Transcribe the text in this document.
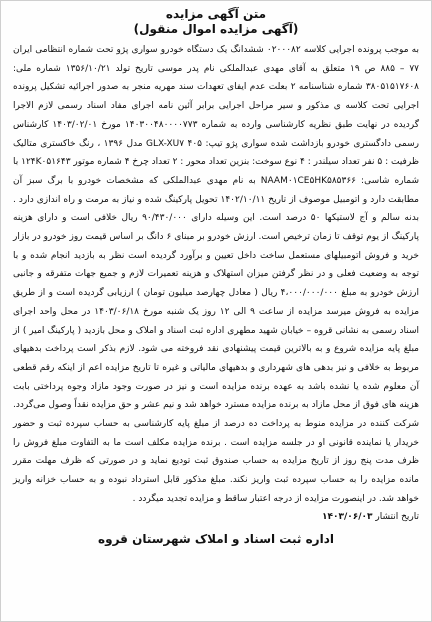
متن آگهی مزایده
(آگهی مزایده اموال منقول)

به موجب پرونده اجرایی کلاسه ۰۲۰۰۰۸۲ ششدانگ یک دستگاه خودرو سواری پژو تحت شماره انتظامی ایران ۷۷ – ۸۸۵ ص ۱۹ متعلق به آقای مهدی عبدالملکی نام پدر موسی تاریخ تولد ۱۳۵۶/۱۰/۲۱ شماره ملی: ۳۸۰۵۱۵۱۷۶۰۸ شماره شناسنامه ۲ بعلت عدم ایفای تعهدات سند مهریه منجر به صدور اجرائیه تشکیل پرونده اجرایی تحت کلاسه ی مذکور و سیر مراحل اجرایی برابر آئین نامه اجرای مفاد اسناد رسمی لازم الاجرا گردیده در نهایت طبق نظریه کارشناسی وارده به شماره ۱۴۰۳۰۰۴۸۰۰۰۰۷۷۳ مورخ ۱۴۰۳/۰۲/۰۱ کارشناس رسمی دادگستری خودرو بازداشت شده سواری پژو تیپ: ۴۰۵ GLX-XU۷ مدل ۱۳۹۶ ، رنگ خاکستری متالیک ظرفیت : ۵ نفر تعداد سیلندر : ۴ نوع سوخت: بنزین تعداد محور : ۲ تعداد چرخ ۴ شماره موتور ۱۲۴K۰۵۱۶۴۳ با شماره شاسی: NAAM۰۱CE۵HK۵۸۵۳۶۶ به نام مهدی عبدالملکی که مشخصات خودرو با برگ سبز آن مطابقت دارد و اتومبیل موصوف از تاریخ ۱۴۰۲/۱۰/۱۱ تحویل پارکینگ شده و نیاز به مرمت و راه اندازی دارد . بدنه سالم و آج لاستیکها ۵۰ درصد است. این وسیله دارای ۹۰/۴۳۰/۰۰۰ ریال خلافی است و دارای هزینه پارکینگ از یوم توقف تا زمان ترخیص است. ارزش خودرو بر مبنای ۶ دانگ بر اساس قیمت روز خودرو در بازار خرید و فروش اتومبیلهای مستعمل ساخت داخل تعیین و برآورد گردیده است نظر به بازدید انجام شده و با توجه به وضعیت فعلی و در نظر گرفتن میزان استهلاک و هزینه تعمیرات لازم و جمیع جهات متفرقه و جانبی ارزش خودرو به مبلغ ۴،۰۰۰/۰۰۰/۰۰۰ ریال ( معادل چهارصد میلیون تومان ) ارزیابی گردیده است و از طریق مزایده به فروش میرسد مزایده از ساعت ۹ الی ۱۲ روز یک شنبه مورخ ۱۴۰۳/۰۶/۱۸ در محل واحد اجرای اسناد رسمی به نشانی قروه – خیابان شهید مطهری اداره ثبت اسناد و املاک و محل بازدید ( پارکینگ امیر ) از مبلغ پایه مزایده شروع و به بالاترین قیمت پیشنهادی نقد فروخته می شود. لازم بذکر است پرداخت بدهیهای مربوط به خلافی و نیز بدهی های شهرداری و بدهیهای مالیاتی و غیره تا تاریخ مزایده اعم از اینکه رقم قطعی آن معلوم شده یا نشده باشد به عهده برنده مزایده است و نیز در صورت وجود مازاد وجوه پرداختی بابت هزینه های فوق از محل مازاد به برنده مزایده مسترد خواهد شد و نیم عشر و حق مزایده نقداً وصول می‌گردد. شرکت کننده در مزایده منوط به پرداخت ده درصد از مبلغ پایه کارشناسی به حساب سپرده ثبت و حضور خریدار یا نماینده قانونی او در جلسه مزایده است . برنده مزایده مکلف است ما به التفاوت مبلغ فروش را ظرف مدت پنج روز از تاریخ مزایده به حساب صندوق ثبت تودیع نماید و در صورتی که ظرف مهلت مقرر مانده مزایده را به حساب سپرده ثبت واریز نکند. مبلغ مذکور قابل استرداد نبوده و به حساب خزانه واریز خواهد شد. در اینصورت مزایده از درجه اعتبار ساقط و مزایده تجدید میگردد .

تاریخ انتشار ۱۴۰۳/۰۶/۰۳

اداره ثبت اسناد و املاک شهرستان قروه
